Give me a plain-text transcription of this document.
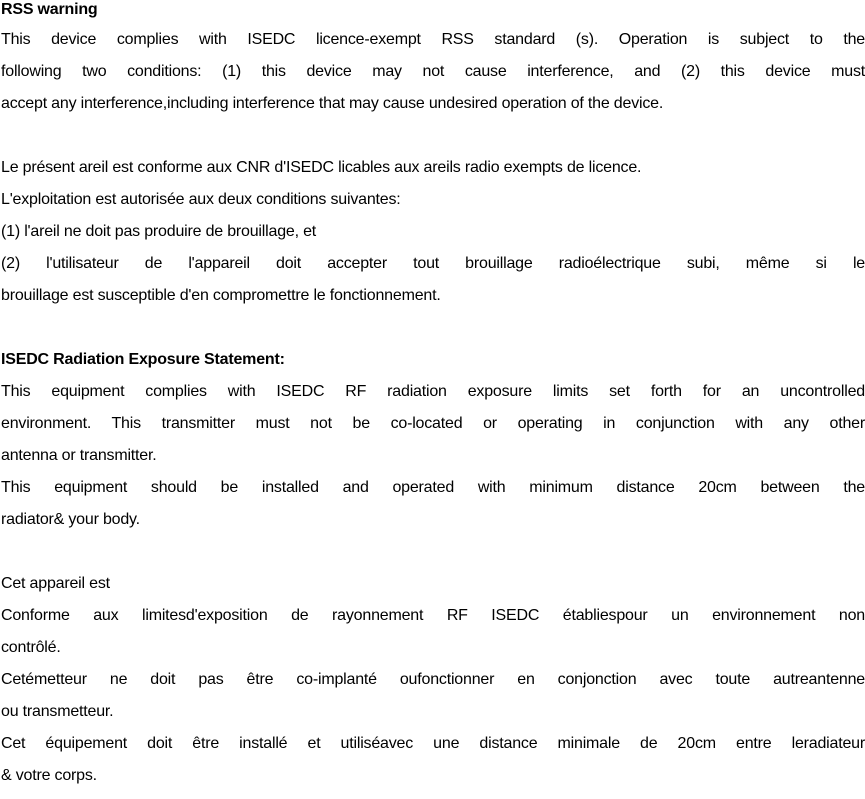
RSS warning
This device complies with ISEDC licence-exempt RSS standard (s). Operation is subject to the
following two conditions: (1) this device may not cause interference, and (2) this device must
accept any interference,including interference that may cause undesired operation of the device.
Le présent areil est conforme aux CNR d'ISEDC licables aux areils radio exempts de licence.
L'exploitation est autorisée aux deux conditions suivantes:
(1) l'areil ne doit pas produire de brouillage, et
(2) l'utilisateur de l'appareil doit accepter tout brouillage radioélectrique subi, même si le
brouillage est susceptible d'en compromettre le fonctionnement.
ISEDC Radiation Exposure Statement:
This equipment complies with ISEDC RF radiation exposure limits set forth for an uncontrolled
environment. This transmitter must not be co-located or operating in conjunction with any other
antenna or transmitter.
This equipment should be installed and operated with minimum distance 20cm between the
radiator& your body.
Cet appareil est
Conforme aux limitesd'exposition de rayonnement RF ISEDC établiespour un environnement non
contrôlé.
Cetémetteur ne doit pas être co-implanté oufonctionner en conjonction avec toute autreantenne
ou transmetteur.
Cet équipement doit être installé et utiliséavec une distance minimale de 20cm entre leradiateur
& votre corps.
